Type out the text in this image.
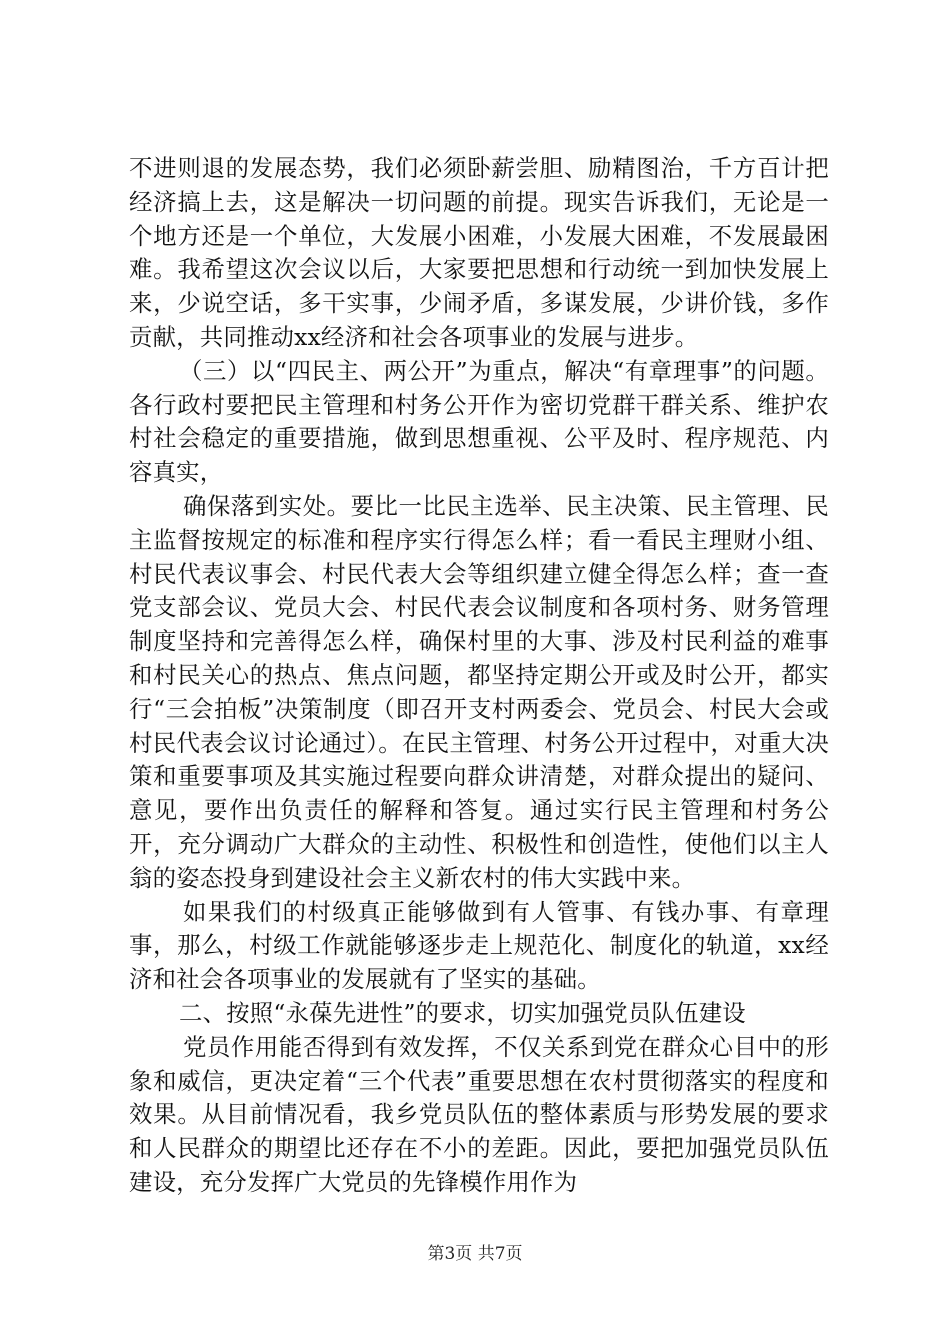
不进则退的发展态势，我们必须卧薪尝胆、励精图治，千方百计把经济搞上去，这是解决一切问题的前提。现实告诉我们，无论是一个地方还是一个单位，大发展小困难，小发展大困难，不发展最困难。我希望这次会议以后，大家要把思想和行动统一到加快发展上来，少说空话，多干实事，少闹矛盾，多谋发展，少讲价钱，多作贡献，共同推动xx经济和社会各项事业的发展与进步。

（三）以“四民主、两公开”为重点，解决“有章理事”的问题。各行政村要把民主管理和村务公开作为密切党群干群关系、维护农村社会稳定的重要措施，做到思想重视、公平及时、程序规范、内容真实，

确保落到实处。要比一比民主选举、民主决策、民主管理、民主监督按规定的标准和程序实行得怎么样；看一看民主理财小组、村民代表议事会、村民代表大会等组织建立健全得怎么样；查一查党支部会议、党员大会、村民代表会议制度和各项村务、财务管理制度坚持和完善得怎么样，确保村里的大事、涉及村民利益的难事和村民关心的热点、焦点问题，都坚持定期公开或及时公开，都实行“三会拍板”决策制度（即召开支村两委会、党员会、村民大会或村民代表会议讨论通过）。在民主管理、村务公开过程中，对重大决策和重要事项及其实施过程要向群众讲清楚，对群众提出的疑问、意见，要作出负责任的解释和答复。通过实行民主管理和村务公开，充分调动广大群众的主动性、积极性和创造性，使他们以主人翁的姿态投身到建设社会主义新农村的伟大实践中来。

如果我们的村级真正能够做到有人管事、有钱办事、有章理事，那么，村级工作就能够逐步走上规范化、制度化的轨道，xx经济和社会各项事业的发展就有了坚实的基础。

二、按照“永葆先进性”的要求，切实加强党员队伍建设

党员作用能否得到有效发挥，不仅关系到党在群众心目中的形象和威信，更决定着“三个代表”重要思想在农村贯彻落实的程度和效果。从目前情况看，我乡党员队伍的整体素质与形势发展的要求和人民群众的期望比还存在不小的差距。因此，要把加强党员队伍建设，充分发挥广大党员的先锋模作用作为

第3页 共7页
